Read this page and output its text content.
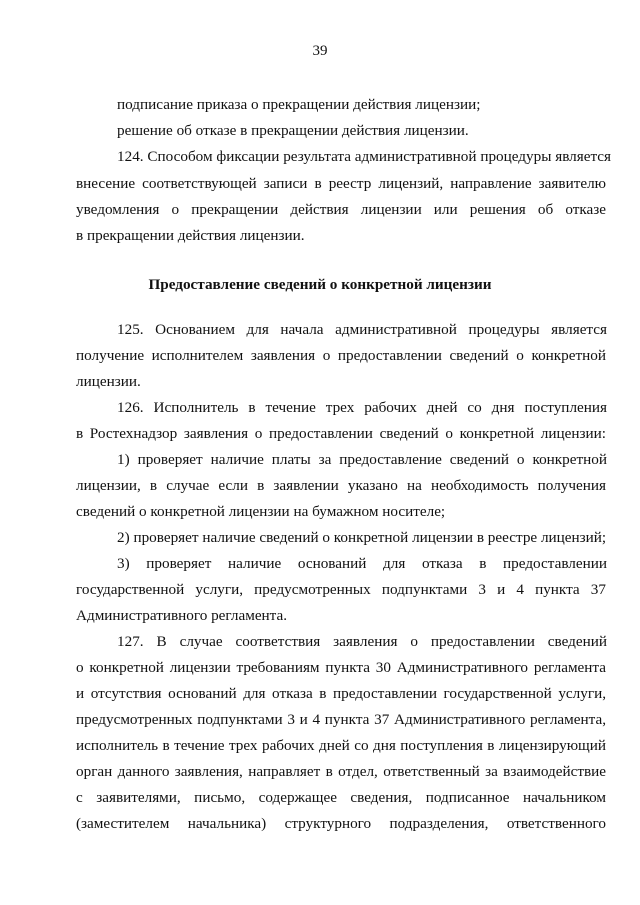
39
подписание приказа о прекращении действия лицензии;
решение об отказе в прекращении действия лицензии.
124. Способом фиксации результата административной процедуры является
внесение соответствующей записи в реестр лицензий, направление заявителю
уведомления о прекращении действия лицензии или решения об отказе
в прекращении действия лицензии.
Предоставление сведений о конкретной лицензии
125. Основанием для начала административной процедуры является
получение исполнителем заявления о предоставлении сведений о конкретной
лицензии.
126. Исполнитель в течение трех рабочих дней со дня поступления
в Ростехнадзор заявления о предоставлении сведений о конкретной лицензии:
1) проверяет наличие платы за предоставление сведений о конкретной
лицензии, в случае если в заявлении указано на необходимость получения
сведений о конкретной лицензии на бумажном носителе;
2) проверяет наличие сведений о конкретной лицензии в реестре лицензий;
3) проверяет наличие оснований для отказа в предоставлении
государственной услуги, предусмотренных подпунктами 3 и 4 пункта 37
Административного регламента.
127. В случае соответствия заявления о предоставлении сведений
о конкретной лицензии требованиям пункта 30 Административного регламента
и отсутствия оснований для отказа в предоставлении государственной услуги,
предусмотренных подпунктами 3 и 4 пункта 37 Административного регламента,
исполнитель в течение трех рабочих дней со дня поступления в лицензирующий
орган данного заявления, направляет в отдел, ответственный за взаимодействие
с заявителями, письмо, содержащее сведения, подписанное начальником
(заместителем начальника) структурного подразделения, ответственного
